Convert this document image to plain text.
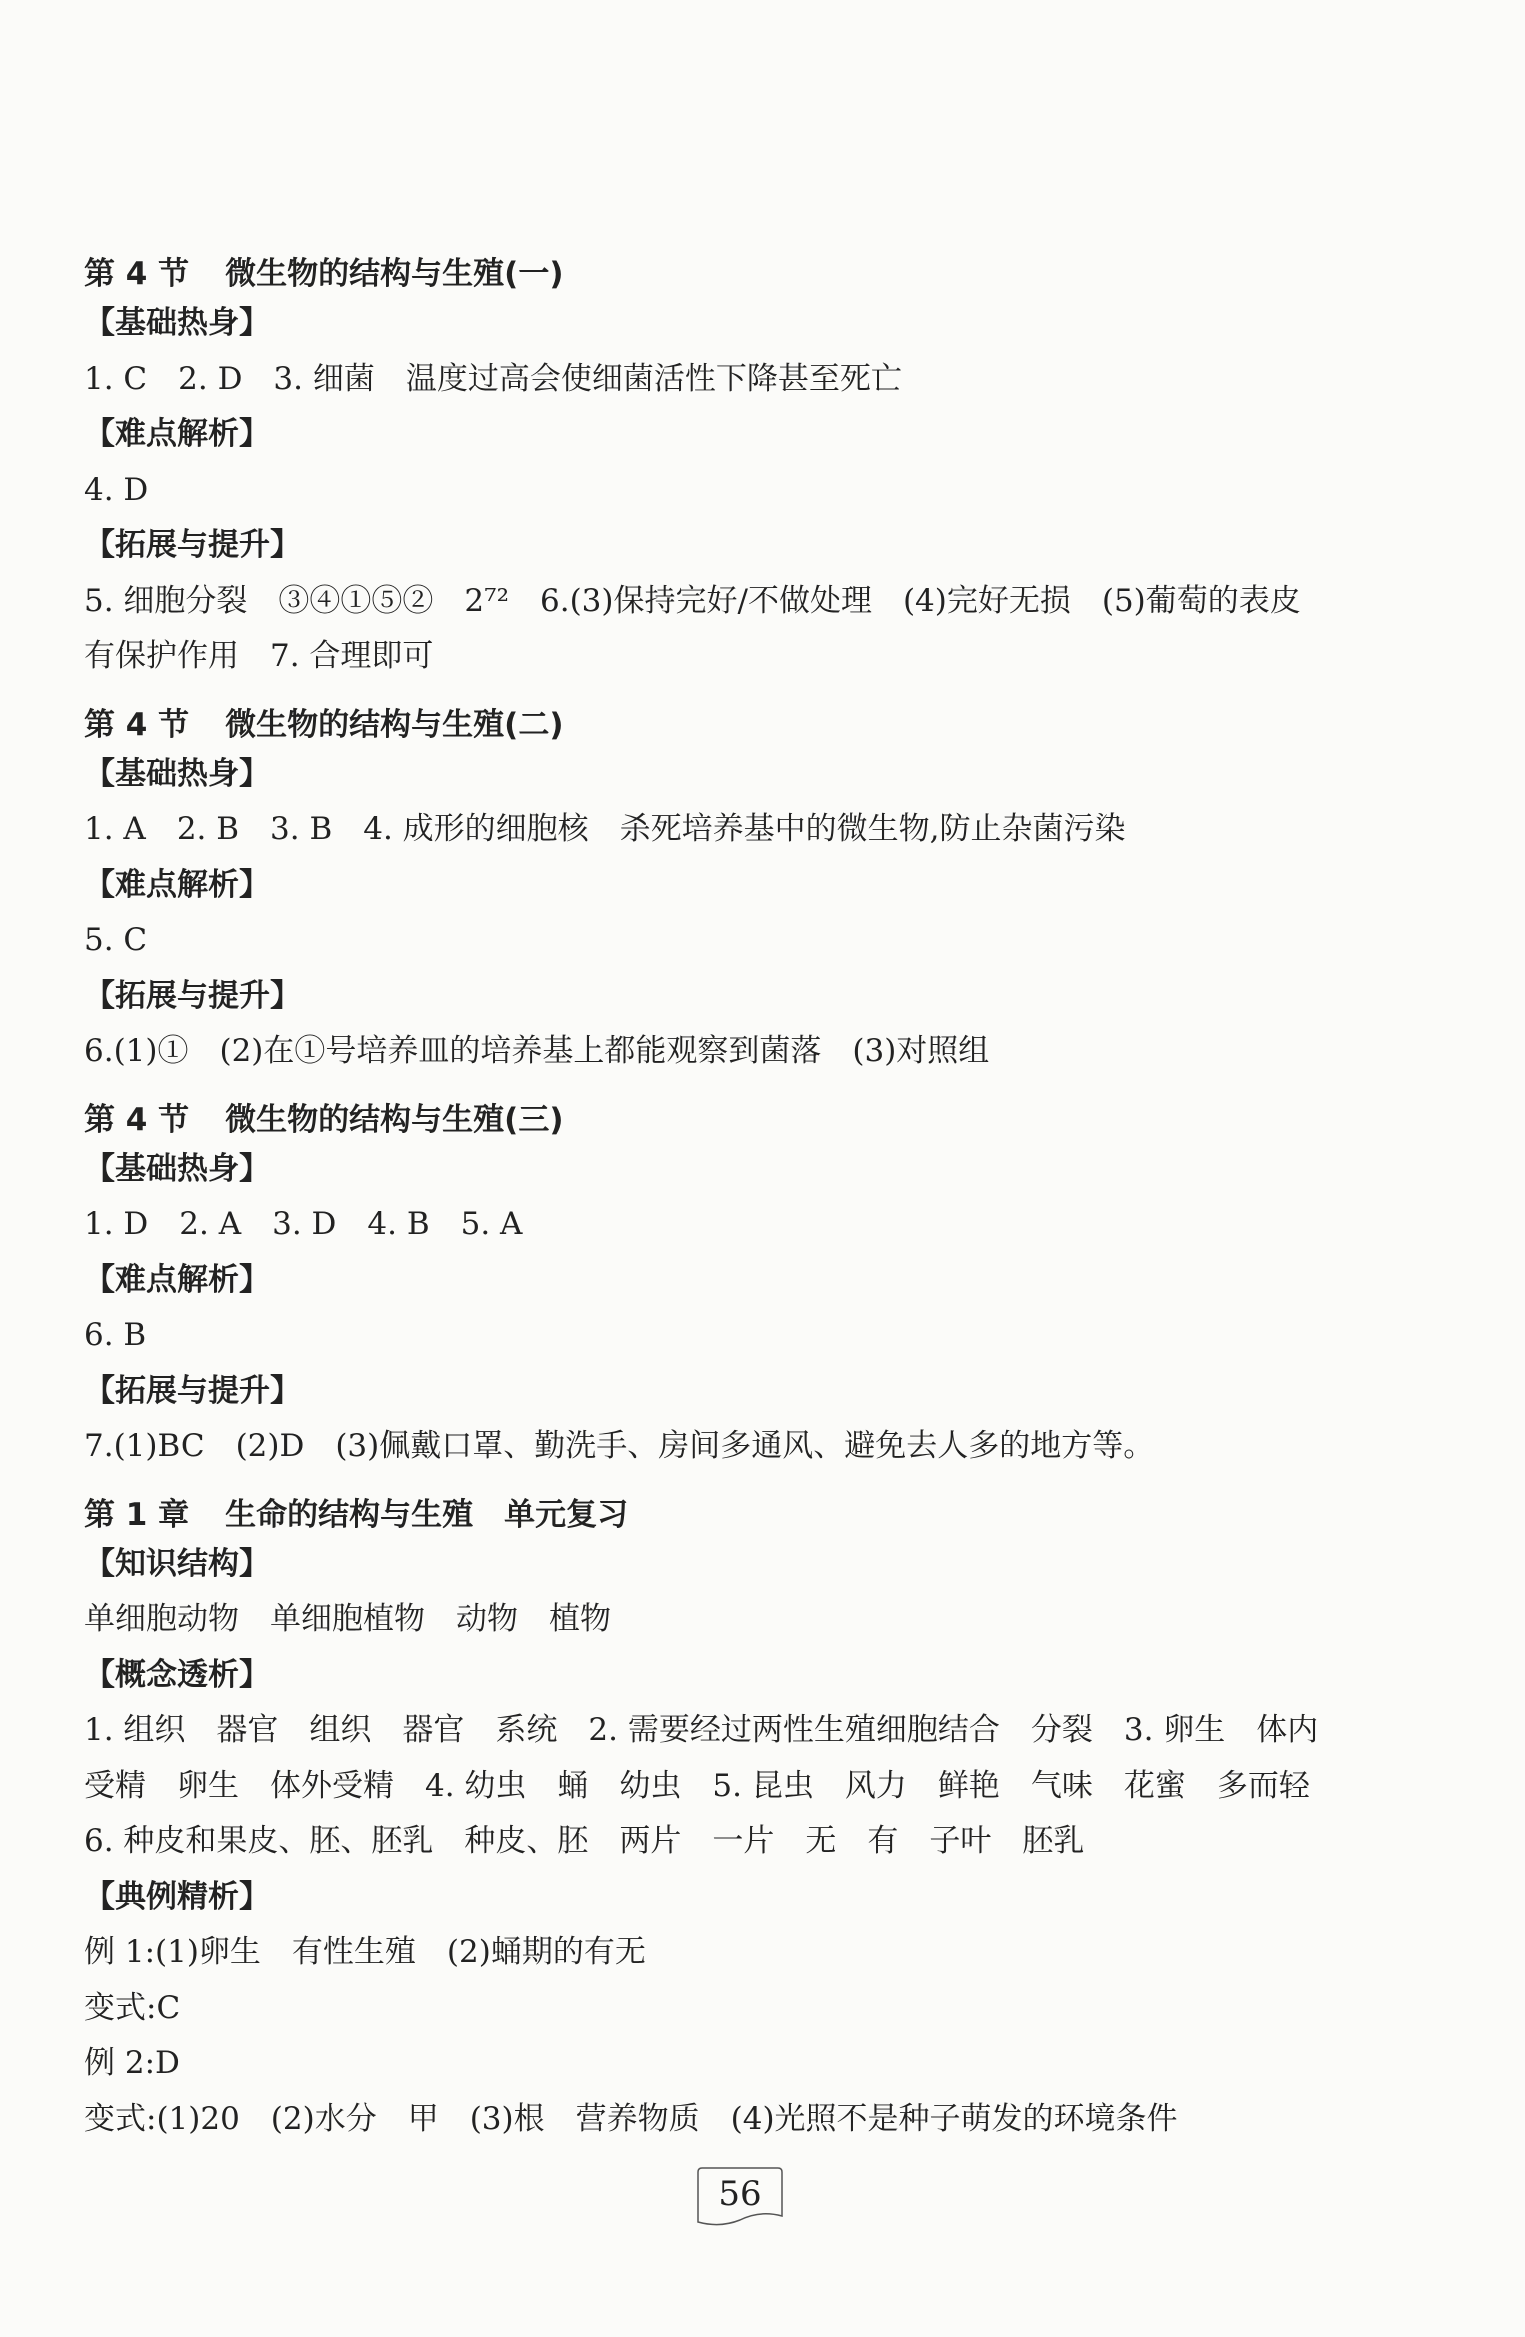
第 4 节 微生物的结构与生殖(一)
【基础热身】
1. C　2. D　3. 细菌　温度过高会使细菌活性下降甚至死亡
【难点解析】
4. D
【拓展与提升】
5. 细胞分裂　③④①⑤②　2⁷²　6.(3)保持完好/不做处理　(4)完好无损　(5)葡萄的表皮
有保护作用　7. 合理即可
第 4 节 微生物的结构与生殖(二)
【基础热身】
1. A　2. B　3. B　4. 成形的细胞核　杀死培养基中的微生物,防止杂菌污染
【难点解析】
5. C
【拓展与提升】
6.(1)①　(2)在①号培养皿的培养基上都能观察到菌落　(3)对照组
第 4 节 微生物的结构与生殖(三)
【基础热身】
1. D　2. A　3. D　4. B　5. A
【难点解析】
6. B
【拓展与提升】
7.(1)BC　(2)D　(3)佩戴口罩、勤洗手、房间多通风、避免去人多的地方等。
第 1 章 生命的结构与生殖　单元复习
【知识结构】
单细胞动物　单细胞植物　动物　植物
【概念透析】
1. 组织　器官　组织　器官　系统　2. 需要经过两性生殖细胞结合　分裂　3. 卵生　体内
受精　卵生　体外受精　4. 幼虫　蛹　幼虫　5. 昆虫　风力　鲜艳　气味　花蜜　多而轻
6. 种皮和果皮、胚、胚乳　种皮、胚　两片　一片　无　有　子叶　胚乳
【典例精析】
例 1:(1)卵生　有性生殖　(2)蛹期的有无
变式:C
例 2:D
变式:(1)20　(2)水分　甲　(3)根　营养物质　(4)光照不是种子萌发的环境条件
56
